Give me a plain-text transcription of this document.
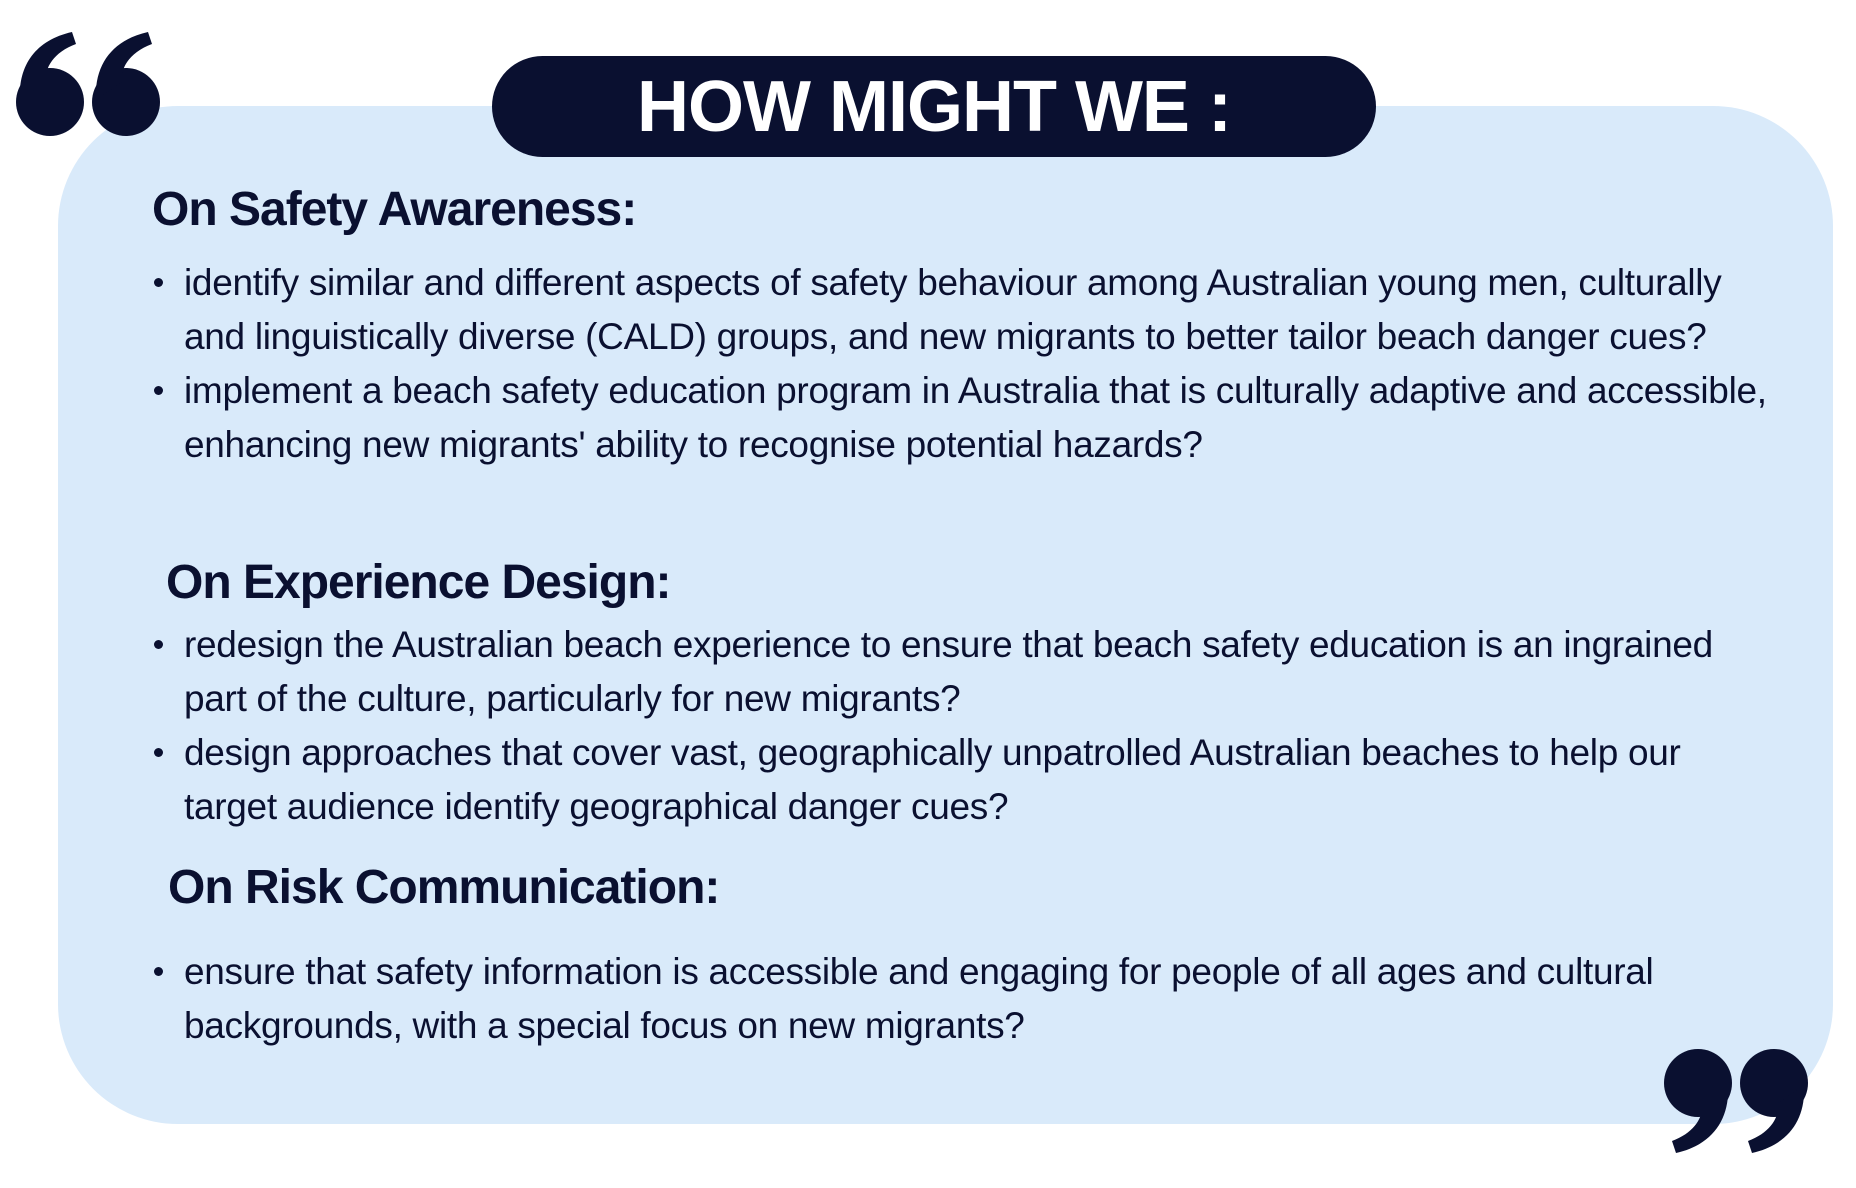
HOW MIGHT WE :
On Safety Awareness:
identify similar and different aspects of safety behaviour among Australian young men, culturally and linguistically diverse (CALD) groups, and new migrants to better tailor beach danger cues?
implement a beach safety education program in Australia that is culturally adaptive and accessible, enhancing new migrants' ability to recognise potential hazards?
On Experience Design:
redesign the Australian beach experience to ensure that beach safety education is an ingrained part of the culture, particularly for new migrants?
design approaches that cover vast, geographically unpatrolled Australian beaches to help our target audience identify geographical danger cues?
On Risk Communication:
ensure that safety information is accessible and engaging for people of all ages and cultural backgrounds, with a special focus on new migrants?
